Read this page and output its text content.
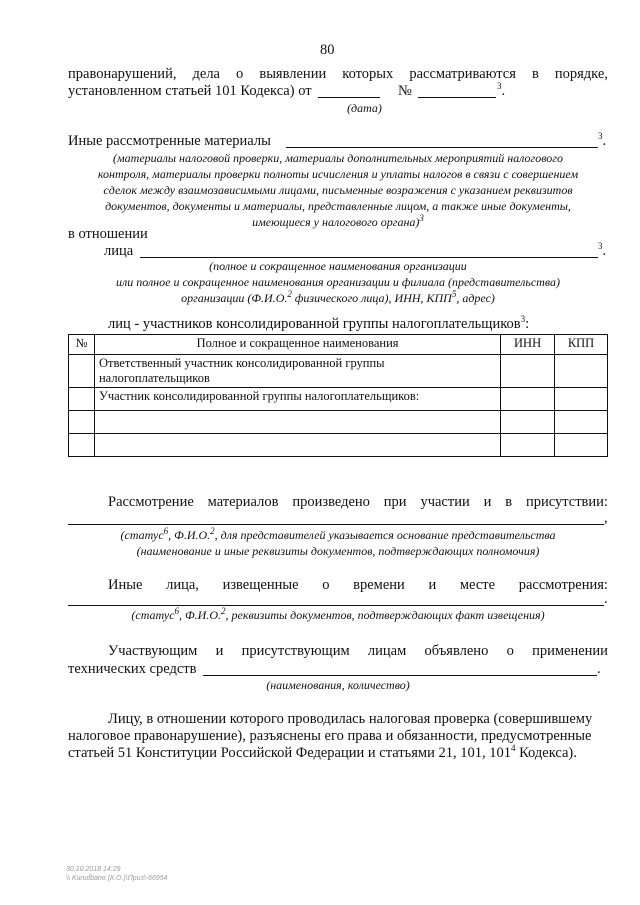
80
правонарушений, дела о выявлении которых рассматриваются в порядке,
установленном статьей 101 Кодекса) от	№	$^3$.
(дата)
Иные рассмотренные материалы	$^3$.
(материалы налоговой проверки, материалы дополнительных мероприятий налогового
контроля, материалы проверки полноты исчисления и уплаты налогов в связи с совершением
сделок между взаимозависимыми лицами, письменные возражения с указанием реквизитов
документов, документы и материалы, представленные лицом, а также иные документы,
имеющиеся у налогового органа)$^3$
в отношении
лица	$^3$.
(полное и сокращенное наименования организации
или полное и сокращенное наименования организации и филиала (представительства)
организации (Ф.И.О.$^2$ физического лица), ИНН, КПП$^5$, адрес)
лиц - участников консолидированной группы налогоплательщиков$^3$:
№	Полное и сокращенное наименования	ИНН	КПП
	Ответственный участник консолидированной группы налогоплательщиков		
	Участник консолидированной группы налогоплательщиков:		

Рассмотрение материалов произведено при участии и в присутствии:
,
(статус$^6$, Ф.И.О.$^2$, для представителей указывается основание представительства
(наименование и иные реквизиты документов, подтверждающих полномочия)
Иные лица, извещенные о времени и месте рассмотрения:
.
(статус$^6$, Ф.И.О.$^2$, реквизиты документов, подтверждающих факт извещения)
Участвующим и присутствующим лицам объявлено о применении
технических средств	.
(наименования, количество)
Лицу, в отношении которого проводилась налоговая проверка (совершившему
налоговое правонарушение), разъяснены его права и обязанности, предусмотренные
статьей 51 Конституции Российской Федерации и статьями 21, 101, $101^4$ Кодекса).
30.10.2018 14:29
\\ Kunufbano (К.О.)\Приз\-66954
